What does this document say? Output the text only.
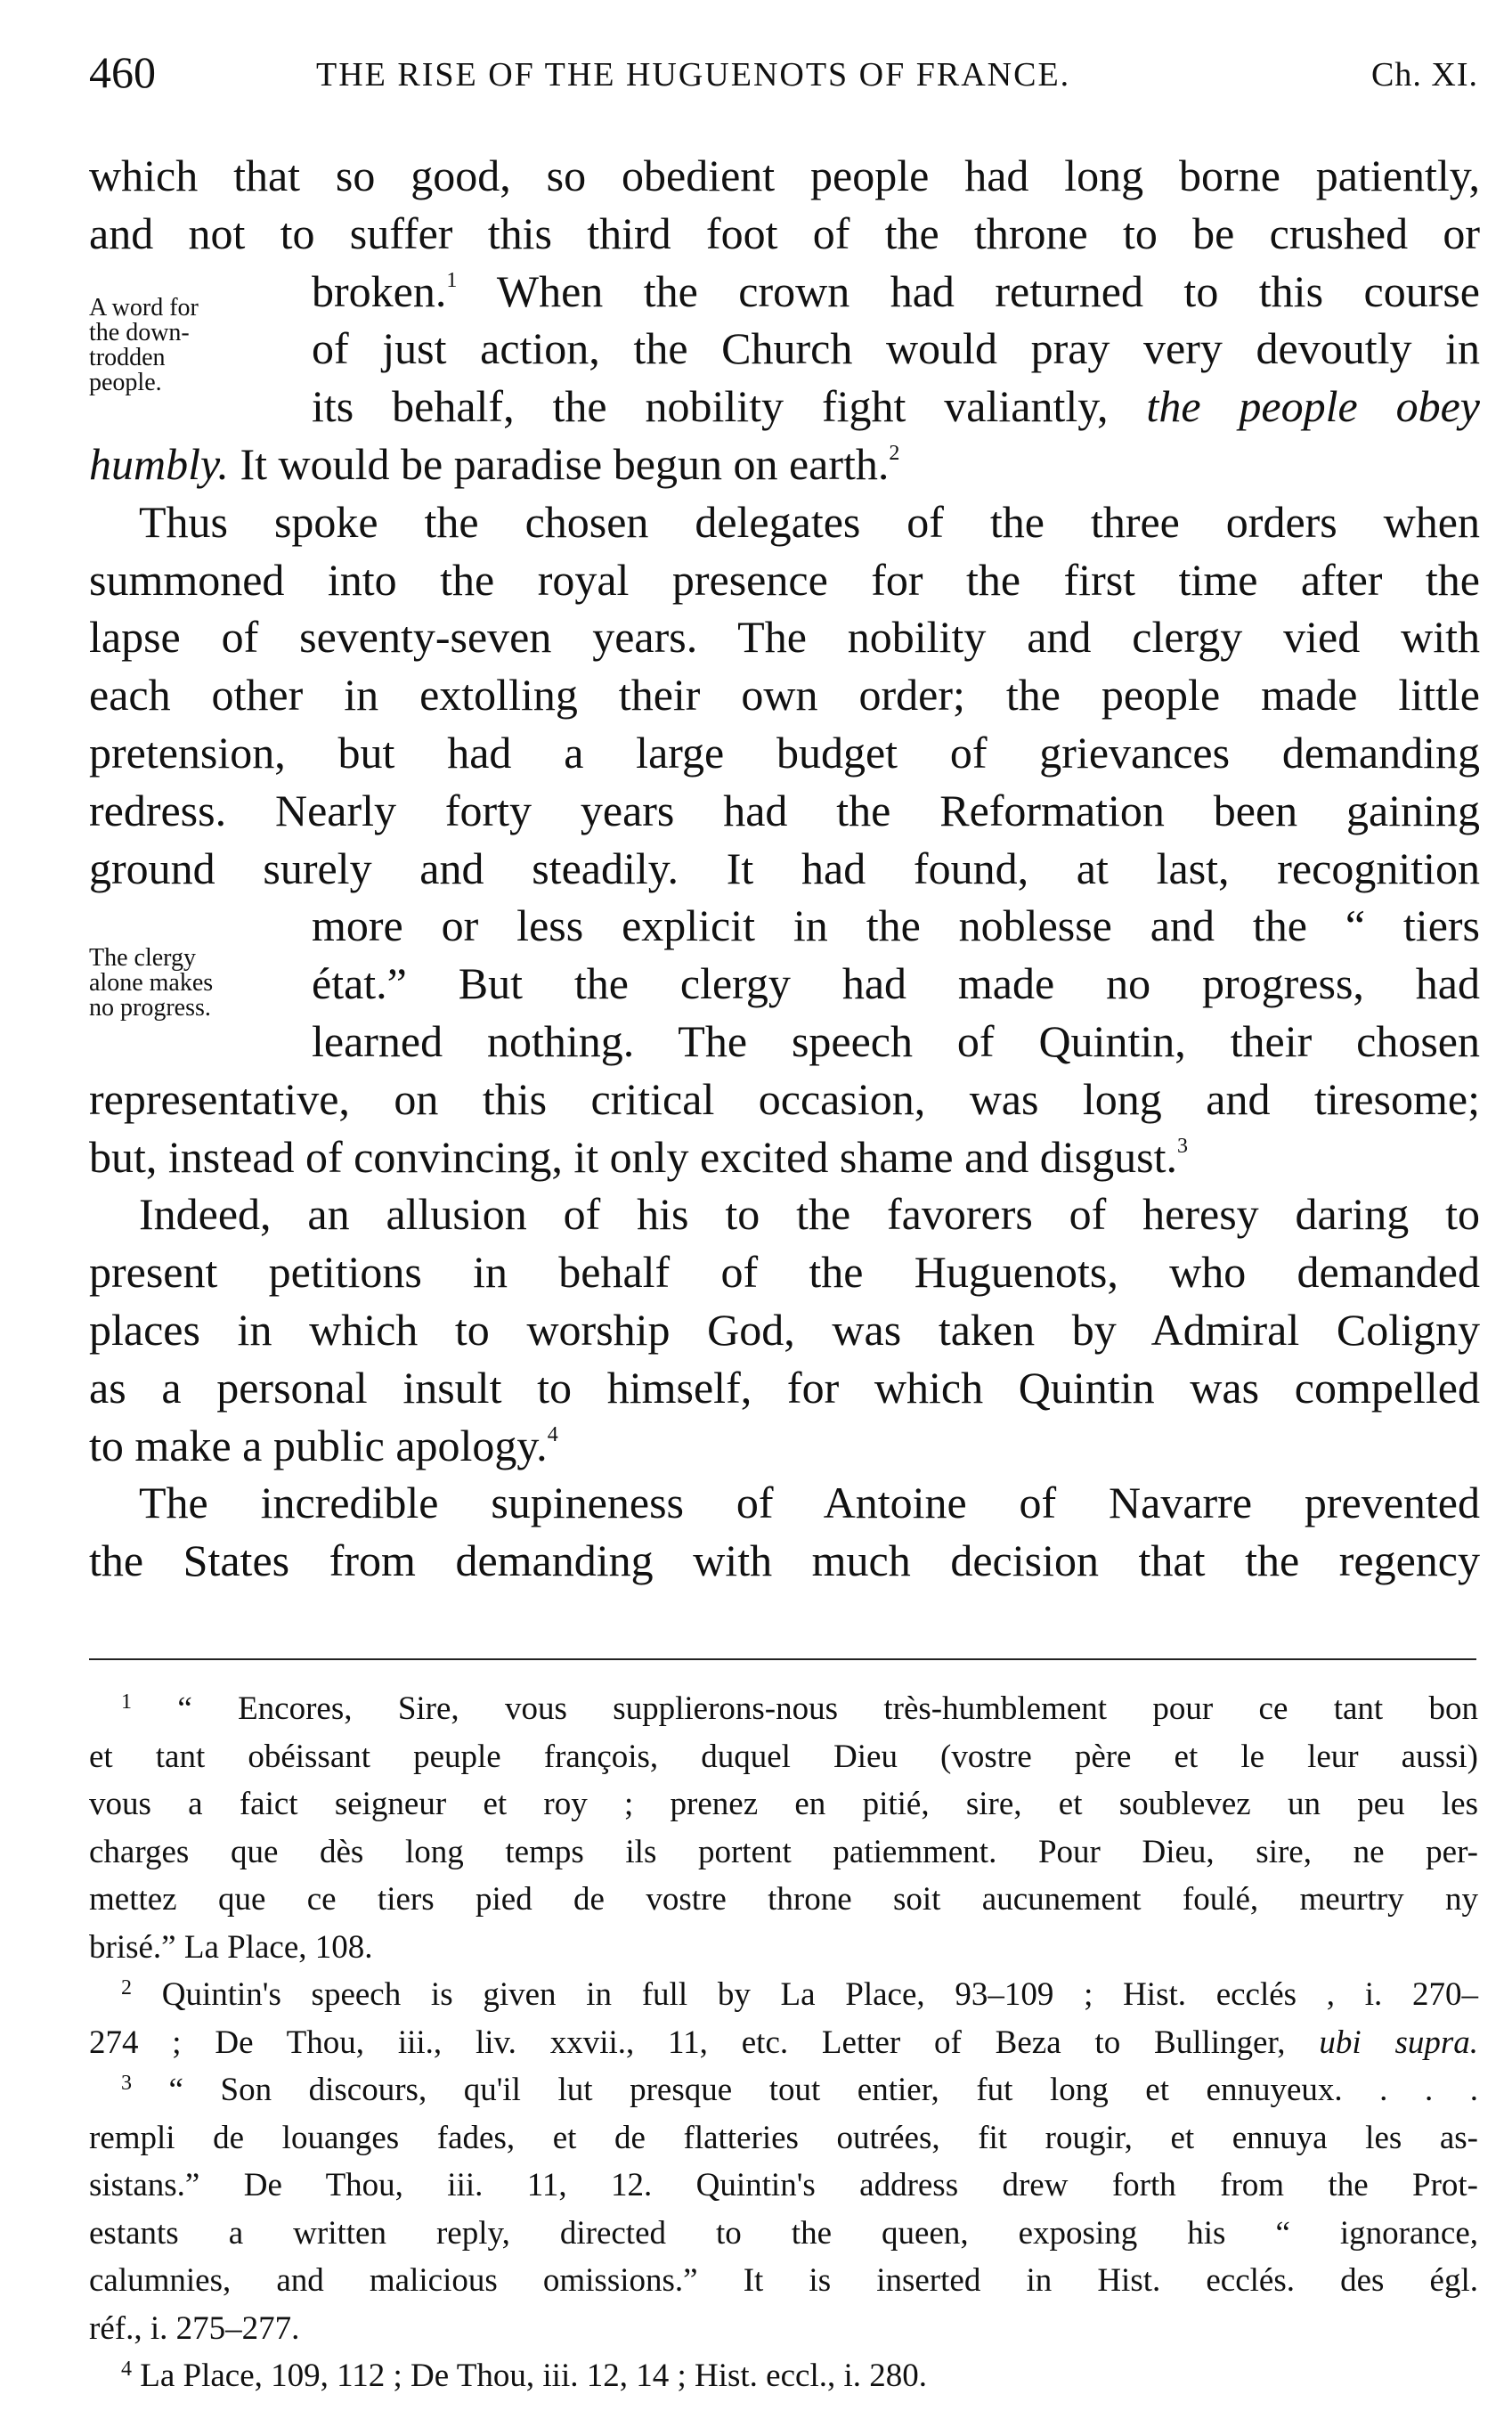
460	THE RISE OF THE HUGUENOTS OF FRANCE.	Ch. XI.
A word for
the down-
trodden
people.
The clergy
alone makes
no progress.
which that so good, so obedient people had long borne patiently,
and not to suffer this third foot of the throne to be crushed or
broken.$^1$ When the crown had returned to this course
of just action, the Church would pray very devoutly in
its behalf, the nobility fight valiantly, the people obey
humbly. It would be paradise begun on earth.$^2$
Thus spoke the chosen delegates of the three orders when
summoned into the royal presence for the first time after the
lapse of seventy-seven years. The nobility and clergy vied with
each other in extolling their own order; the people made little
pretension, but had a large budget of grievances demanding
redress. Nearly forty years had the Reformation been gaining
ground surely and steadily. It had found, at last, recognition
more or less explicit in the noblesse and the “ tiers
état.” But the clergy had made no progress, had
learned nothing. The speech of Quintin, their chosen
representative, on this critical occasion, was long and tiresome;
but, instead of convincing, it only excited shame and disgust.$^3$
Indeed, an allusion of his to the favorers of heresy daring to
present petitions in behalf of the Huguenots, who demanded
places in which to worship God, was taken by Admiral Coligny
as a personal insult to himself, for which Quintin was compelled
to make a public apology.$^4$
The incredible supineness of Antoine of Navarre prevented
the States from demanding with much decision that the regency
$^1$ “ Encores, Sire, vous supplierons-nous très-humblement pour ce tant bon
et tant obéissant peuple françois, duquel Dieu (vostre père et le leur aussi)
vous a faict seigneur et roy ; prenez en pitié, sire, et soublevez un peu les
charges que dès long temps ils portent patiemment. Pour Dieu, sire, ne per-
mettez que ce tiers pied de vostre throne soit aucunement foulé, meurtry ny
brisé.” La Place, 108.
$^2$ Quintin's speech is given in full by La Place, 93–109 ; Hist. ecclés , i. 270–
274 ; De Thou, iii., liv. xxvii., 11, etc. Letter of Beza to Bullinger, ubi supra.
$^3$ “ Son discours, qu'il lut presque tout entier, fut long et ennuyeux. . . .
rempli de louanges fades, et de flatteries outrées, fit rougir, et ennuya les as-
sistans.” De Thou, iii. 11, 12. Quintin's address drew forth from the Prot-
estants a written reply, directed to the queen, exposing his “ ignorance,
calumnies, and malicious omissions.” It is inserted in Hist. ecclés. des égl.
réf., i. 275–277.
$^4$ La Place, 109, 112 ; De Thou, iii. 12, 14 ; Hist. eccl., i. 280.
